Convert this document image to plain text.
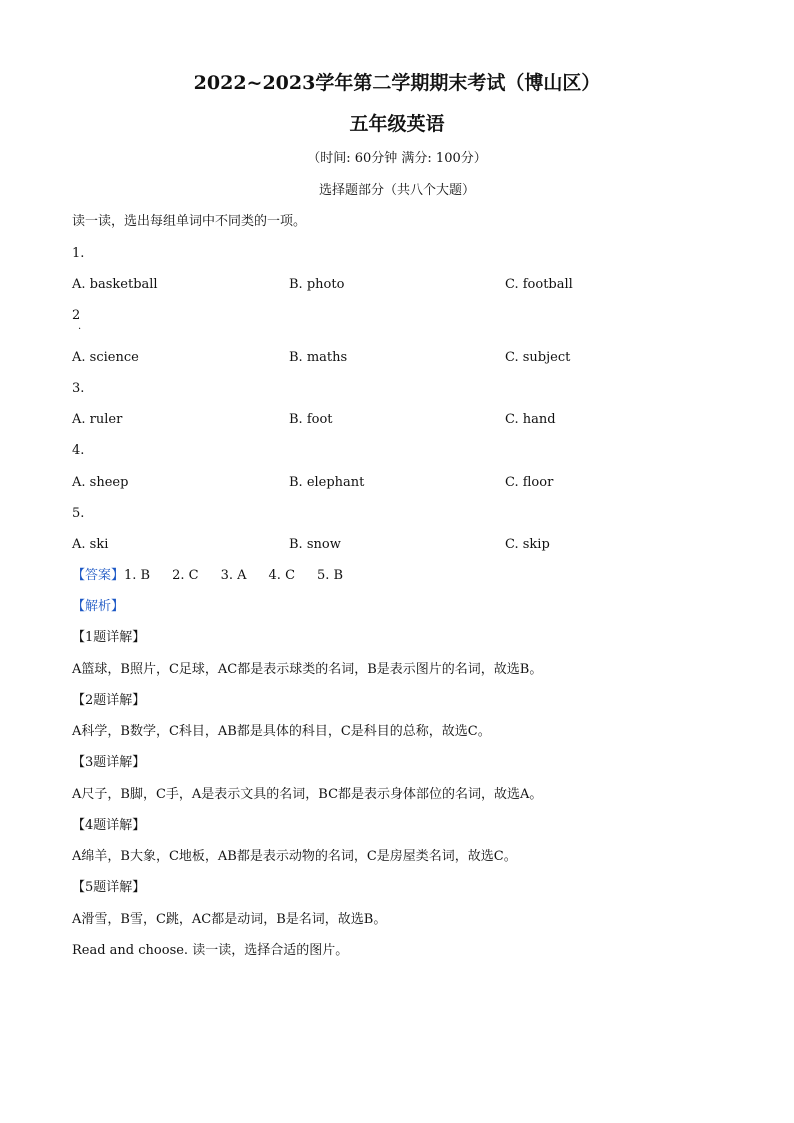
2022~2023学年第二学期期末考试（博山区）
五年级英语
（时间: 60分钟 满分: 100分）
选择题部分（共八个大题）
读一读，选出每组单词中不同类的一项。
1.
A. basketball	B. photo	C. football
2
.
A. science	B. maths	C. subject
3.
A. ruler	B. foot	C. hand
4.
A. sheep	B. elephant	C. floor
5.
A. ski	B. snow	C. skip
【答案】1. B 2. C 3. A 4. C 5. B
【解析】
【1题详解】
A篮球，B照片，C足球，AC都是表示球类的名词，B是表示图片的名词，故选B。
【2题详解】
A科学，B数学，C科目，AB都是具体的科目，C是科目的总称，故选C。
【3题详解】
A尺子，B脚，C手，A是表示文具的名词，BC都是表示身体部位的名词，故选A。
【4题详解】
A绵羊，B大象，C地板，AB都是表示动物的名词，C是房屋类名词，故选C。
【5题详解】
A滑雪，B雪，C跳，AC都是动词，B是名词，故选B。
Read and choose. 读一读，选择合适的图片。
